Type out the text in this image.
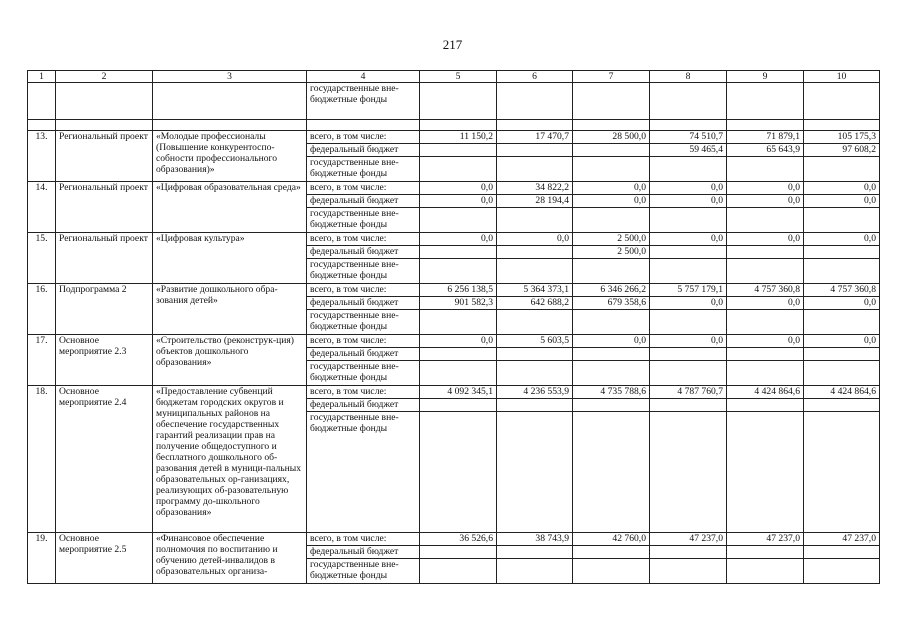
217
1	2	3	4	5	6	7	8	9	10

			государственные вне-
бюджетные фонды						

13.	Региональный проект	«Молодые профессионалы (Повышение конкурентоспо-собности профессионального образования)»	всего, в том числе:	11 150,2	17 470,7	28 500,0	74 510,7	71 879,1	105 175,3
			федеральный бюджет				59 465,4	65 643,9	97 608,2

			государственные вне-
бюджетные фонды						

14.	Региональный проект	«Цифровая образовательная среда»	всего, в том числе:	0,0	34 822,2	0,0	0,0	0,0	0,0
			федеральный бюджет	0,0	28 194,4	0,0	0,0	0,0	0,0

			государственные вне-
бюджетные фонды						

15.	Региональный проект	«Цифровая культура»	всего, в том числе:	0,0	0,0	2 500,0	0,0	0,0	0,0
			федеральный бюджет			2 500,0			

			государственные вне-
бюджетные фонды						

16.	Подпрограмма 2	«Развитие дошкольного обра-зования детей»	всего, в том числе:	6 256 138,5	5 364 373,1	6 346 266,2	5 757 179,1	4 757 360,8	4 757 360,8
			федеральный бюджет	901 582,3	642 688,2	679 358,6	0,0	0,0	0,0

			государственные вне-
бюджетные фонды						

17.	Основное мероприятие 2.3	«Строительство (реконструк-ция) объектов дошкольного образования»	всего, в том числе:	0,0	5 603,5	0,0	0,0	0,0	0,0
			федеральный бюджет						

			государственные вне-
бюджетные фонды						

18.	Основное мероприятие 2.4	«Предоставление субвенций бюджетам городских округов и муниципальных районов на обеспечение государственных гарантий реализации прав на получение общедоступного и бесплатного дошкольного об-разования детей в муници-пальных образовательных ор-ганизациях, реализующих об-разовательную программу до-школьного образования»	всего, в том числе:	4 092 345,1	4 236 553,9	4 735 788,6	4 787 760,7	4 424 864,6	4 424 864,6
			федеральный бюджет						

			государственные вне-
бюджетные фонды						

19.	Основное мероприятие 2.5	«Финансовое обеспечение полномочия по воспитанию и обучению детей-инвалидов в образовательных организа-	всего, в том числе:	36 526,6	38 743,9	42 760,0	47 237,0	47 237,0	47 237,0
			федеральный бюджет						

			государственные вне-
бюджетные фонды						
